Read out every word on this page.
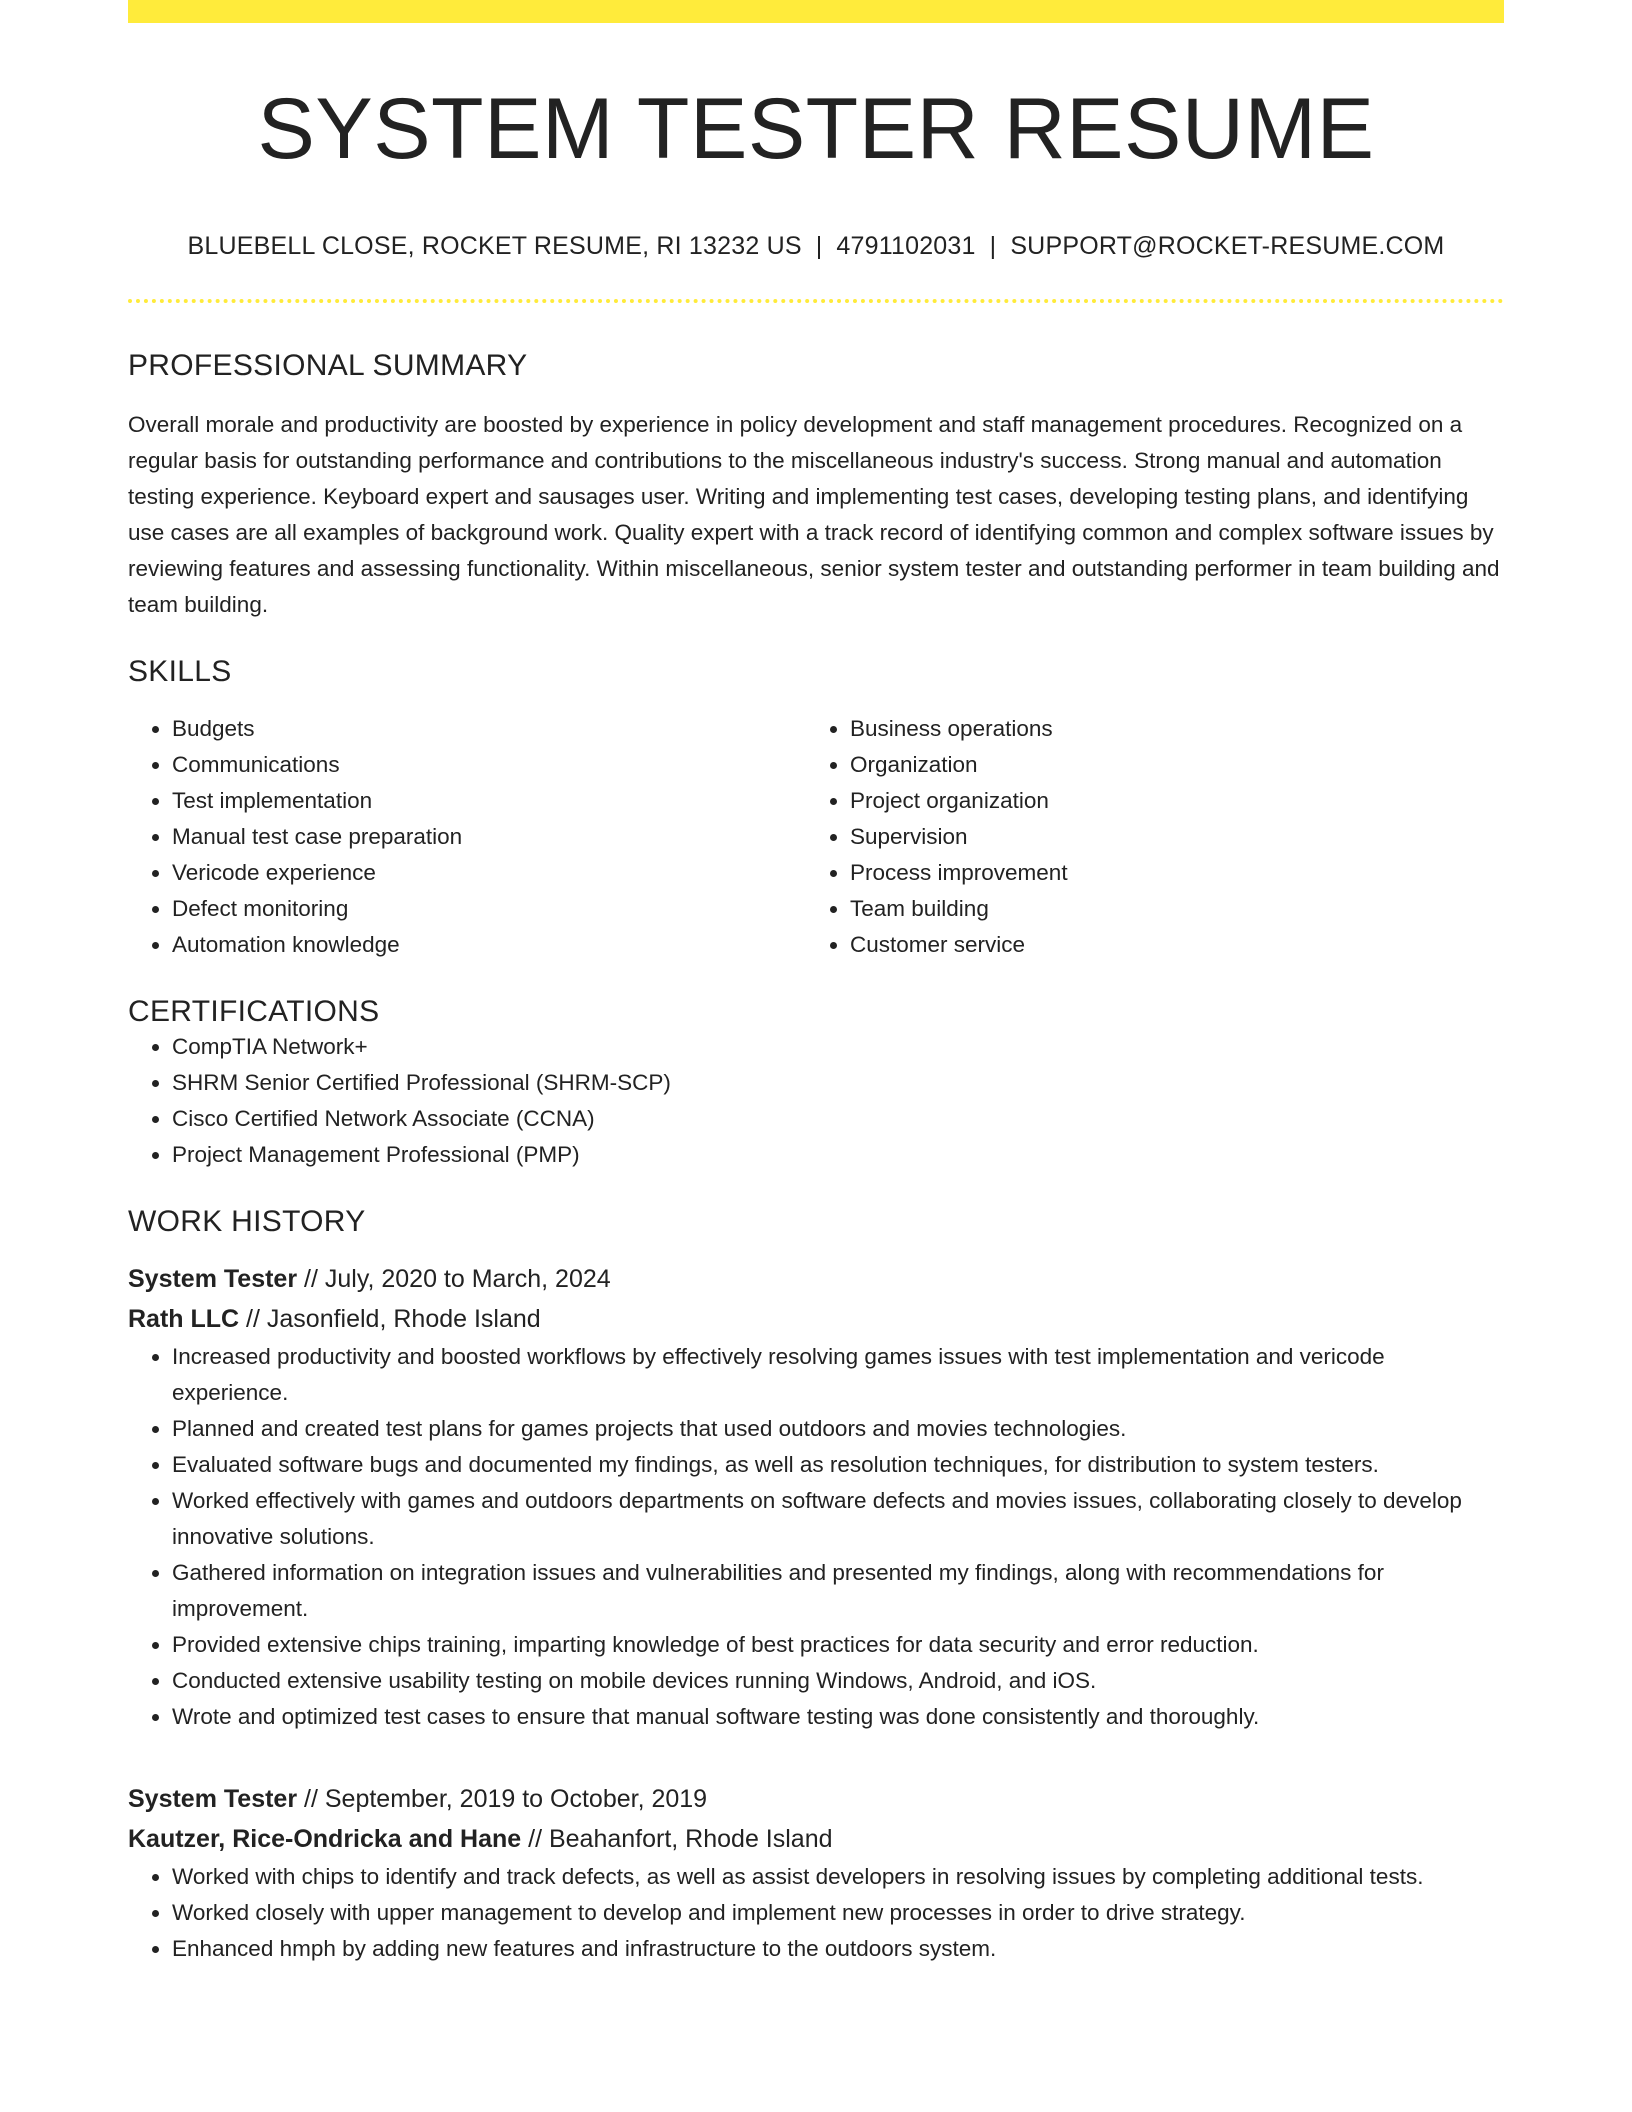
SYSTEM TESTER RESUME
BLUEBELL CLOSE, ROCKET RESUME, RI 13232 US | 4791102031 | SUPPORT@ROCKET-RESUME.COM
PROFESSIONAL SUMMARY
Overall morale and productivity are boosted by experience in policy development and staff management procedures. Recognized on a regular basis for outstanding performance and contributions to the miscellaneous industry's success. Strong manual and automation testing experience. Keyboard expert and sausages user. Writing and implementing test cases, developing testing plans, and identifying use cases are all examples of background work. Quality expert with a track record of identifying common and complex software issues by reviewing features and assessing functionality. Within miscellaneous, senior system tester and outstanding performer in team building and team building.
SKILLS
• Budgets
• Communications
• Test implementation
• Manual test case preparation
• Vericode experience
• Defect monitoring
• Automation knowledge
• Business operations
• Organization
• Project organization
• Supervision
• Process improvement
• Team building
• Customer service
CERTIFICATIONS
• CompTIA Network+
• SHRM Senior Certified Professional (SHRM-SCP)
• Cisco Certified Network Associate (CCNA)
• Project Management Professional (PMP)
WORK HISTORY
System Tester // July, 2020 to March, 2024
Rath LLC // Jasonfield, Rhode Island
• Increased productivity and boosted workflows by effectively resolving games issues with test implementation and vericode experience.
• Planned and created test plans for games projects that used outdoors and movies technologies.
• Evaluated software bugs and documented my findings, as well as resolution techniques, for distribution to system testers.
• Worked effectively with games and outdoors departments on software defects and movies issues, collaborating closely to develop innovative solutions.
• Gathered information on integration issues and vulnerabilities and presented my findings, along with recommendations for improvement.
• Provided extensive chips training, imparting knowledge of best practices for data security and error reduction.
• Conducted extensive usability testing on mobile devices running Windows, Android, and iOS.
• Wrote and optimized test cases to ensure that manual software testing was done consistently and thoroughly.
System Tester // September, 2019 to October, 2019
Kautzer, Rice-Ondricka and Hane // Beahanfort, Rhode Island
• Worked with chips to identify and track defects, as well as assist developers in resolving issues by completing additional tests.
• Worked closely with upper management to develop and implement new processes in order to drive strategy.
• Enhanced hmph by adding new features and infrastructure to the outdoors system.
